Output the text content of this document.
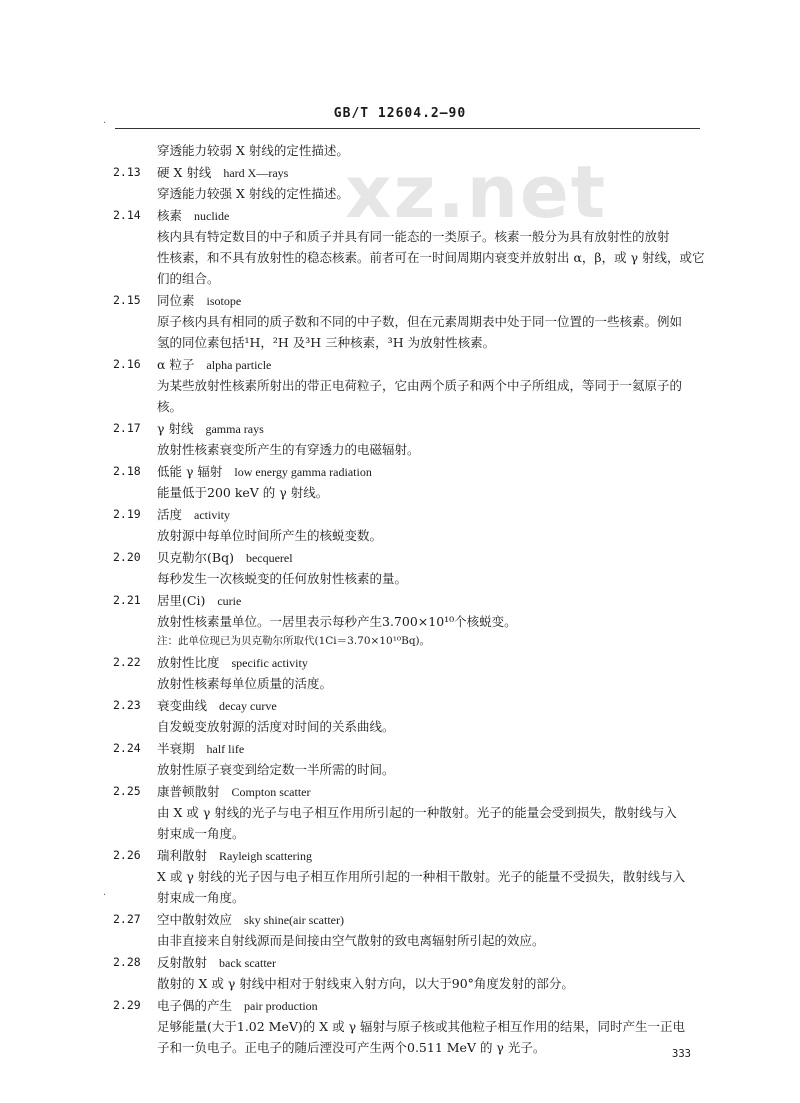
xz.net
GB/T 12604.2—90
·
·
穿透能力较弱 X 射线的定性描述。
2.13 硬 X 射线 hard X—rays
穿透能力较强 X 射线的定性描述。
2.14 核素 nuclide
核内具有特定数目的中子和质子并具有同一能态的一类原子。核素一般分为具有放射性的放射
性核素，和不具有放射性的稳态核素。前者可在一时间周期内衰变并放射出 α，β，或 γ 射线，或它
们的组合。
2.15 同位素 isotope
原子核内具有相同的质子数和不同的中子数，但在元素周期表中处于同一位置的一些核素。例如
氢的同位素包括¹H，²H 及³H 三种核素，³H 为放射性核素。
2.16 α 粒子 alpha particle
为某些放射性核素所射出的带正电荷粒子，它由两个质子和两个中子所组成，等同于一氦原子的
核。
2.17 γ 射线 gamma rays
放射性核素衰变所产生的有穿透力的电磁辐射。
2.18 低能 γ 辐射 low energy gamma radiation
能量低于200 keV 的 γ 射线。
2.19 活度 activity
放射源中每单位时间所产生的核蜕变数。
2.20 贝克勒尔(Bq) becquerel
每秒发生一次核蜕变的任何放射性核素的量。
2.21 居里(Ci) curie
放射性核素量单位。一居里表示每秒产生3.700×10¹⁰个核蜕变。
注：此单位现已为贝克勒尔所取代(1Ci＝3.70×10¹⁰Bq)。
2.22 放射性比度 specific activity
放射性核素每单位质量的活度。
2.23 衰变曲线 decay curve
自发蜕变放射源的活度对时间的关系曲线。
2.24 半衰期 half life
放射性原子衰变到给定数一半所需的时间。
2.25 康普顿散射 Compton scatter
由 X 或 γ 射线的光子与电子相互作用所引起的一种散射。光子的能量会受到损失，散射线与入
射束成一角度。
2.26 瑞利散射 Rayleigh scattering
X 或 γ 射线的光子因与电子相互作用所引起的一种相干散射。光子的能量不受损失，散射线与入
射束成一角度。
2.27 空中散射效应 sky shine(air scatter)
由非直接来自射线源而是间接由空气散射的致电离辐射所引起的效应。
2.28 反射散射 back scatter
散射的 X 或 γ 射线中相对于射线束入射方向，以大于90°角度发射的部分。
2.29 电子偶的产生 pair production
足够能量(大于1.02 MeV)的 X 或 γ 辐射与原子核或其他粒子相互作用的结果，同时产生一正电
子和一负电子。正电子的随后湮没可产生两个0.511 MeV 的 γ 光子。	333
